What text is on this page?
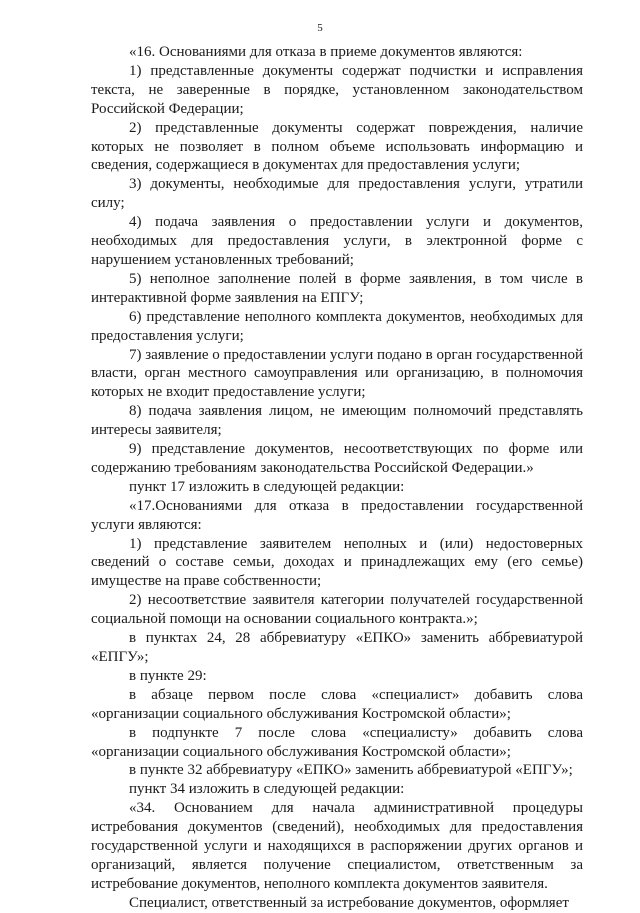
5

«16. Основаниями для отказа в приеме документов являются:

1) представленные документы содержат подчистки и исправления текста, не заверенные в порядке, установленном законодательством Российской Федерации;

2) представленные документы содержат повреждения, наличие которых не позволяет в полном объеме использовать информацию и сведения, содержащиеся в документах для предоставления услуги;

3) документы, необходимые для предоставления услуги, утратили силу;

4) подача заявления о предоставлении услуги и документов, необходимых для предоставления услуги, в электронной форме с нарушением установленных требований;

5) неполное заполнение полей в форме заявления, в том числе в интерактивной форме заявления на ЕПГУ;

6) представление неполного комплекта документов, необходимых для предоставления услуги;

7) заявление о предоставлении услуги подано в орган государственной власти, орган местного самоуправления или организацию, в полномочия которых не входит предоставление услуги;

8) подача заявления лицом, не имеющим полномочий представлять интересы заявителя;

9) представление документов, несоответствующих по форме или содержанию требованиям законодательства Российской Федерации.»

пункт 17 изложить в следующей редакции:

«17.Основаниями для отказа в предоставлении государственной услуги являются:

1) представление заявителем неполных и (или) недостоверных сведений о составе семьи, доходах и принадлежащих ему (его семье) имуществе на праве собственности;

2) несоответствие заявителя категории получателей государственной социальной помощи на основании социального контракта.»;

в пунктах 24, 28 аббревиатуру «ЕПКО» заменить аббревиатурой «ЕПГУ»;

в пункте 29:

в абзаце первом после слова «специалист» добавить слова «организации социального обслуживания Костромской области»;

в подпункте 7 после слова «специалисту» добавить слова «организации социального обслуживания Костромской области»;

в пункте 32 аббревиатуру «ЕПКО» заменить аббревиатурой «ЕПГУ»;

пункт 34 изложить в следующей редакции:

«34. Основанием для начала административной процедуры истребования документов (сведений), необходимых для предоставления государственной услуги и находящихся в распоряжении других органов и организаций, является получение специалистом, ответственным за истребование документов, неполного комплекта документов заявителя.

Специалист, ответственный за истребование документов, оформляет
